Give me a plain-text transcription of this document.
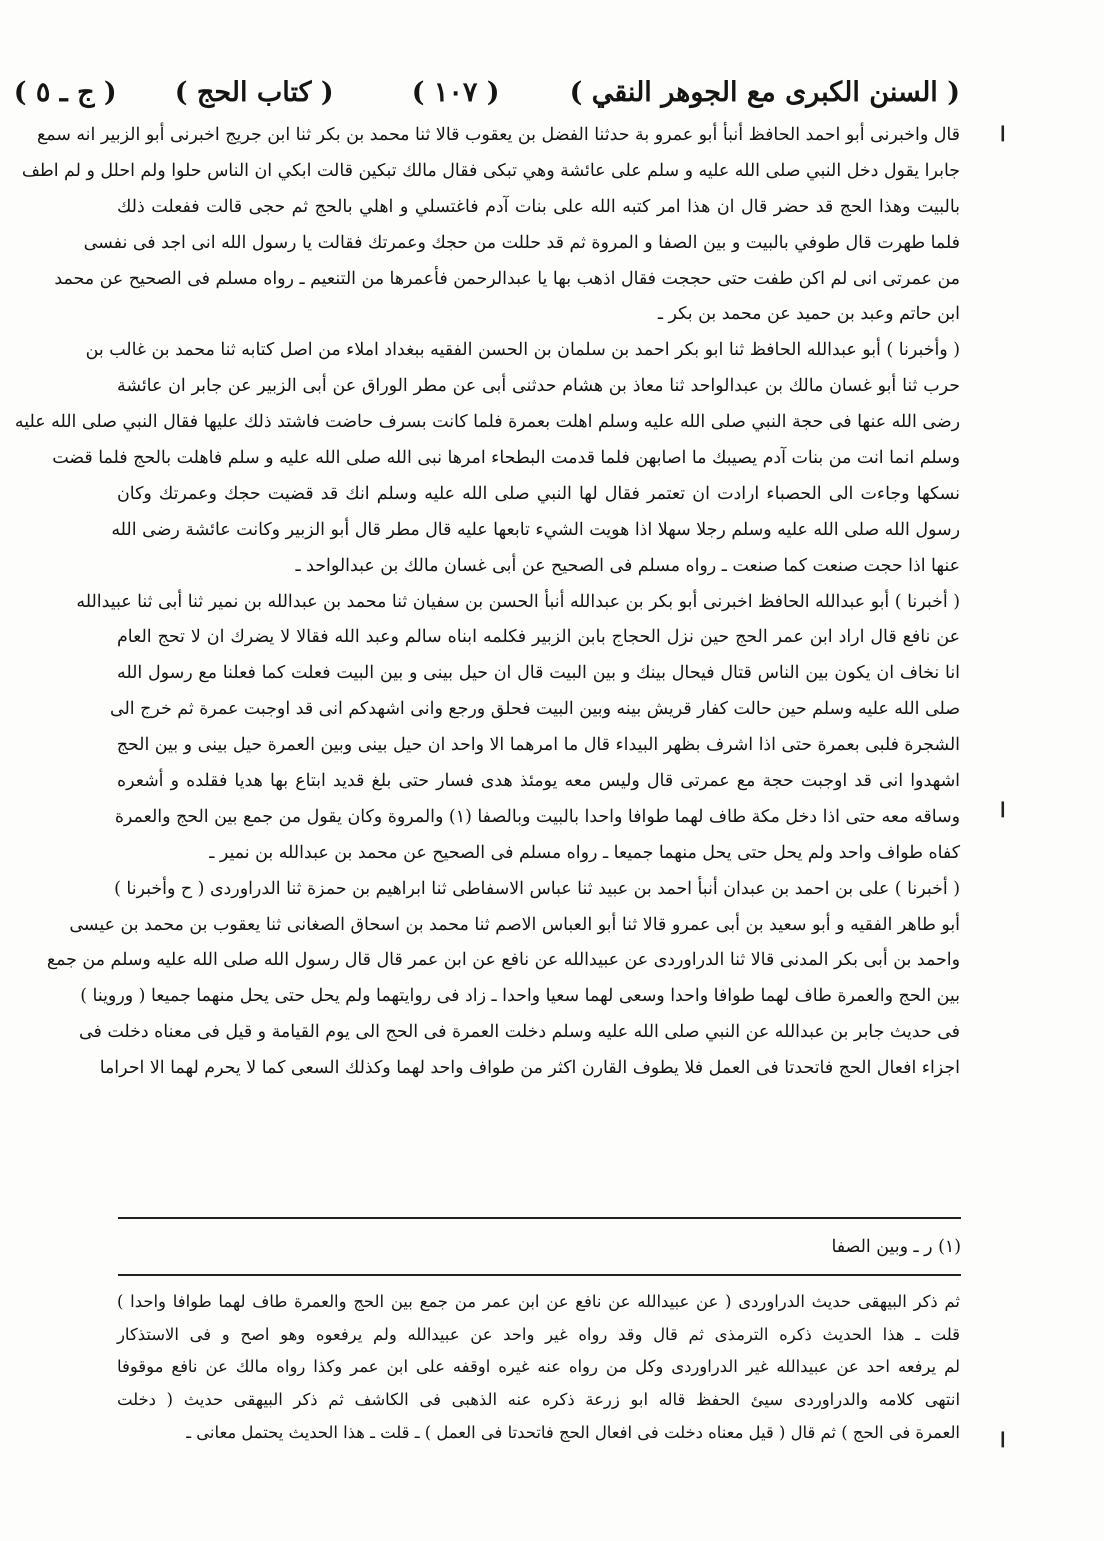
( السنن الكبرى مع الجوهر النقي )
( ١٠٧ )
( كتاب الحج )
( ج ـ ٥ )
ا
ا
ا
قال واخبرنى أبو احمد الحافظ أنبأ أبو عمرو بة حدثنا الفضل بن يعقوب قالا ثنا محمد بن بكر ثنا ابن جريج اخبرنى أبو الزبير انه سمع
جابرا يقول دخل النبي صلى الله عليه و سلم على عائشة وهي تبكى فقال مالك تبكين قالت ابكي ان الناس حلوا ولم احلل و لم اطف
بالبيت وهذا الحج قد حضر قال ان هذا امر كتبه الله على بنات آدم فاغتسلي و اهلي بالحج ثم حجى قالت ففعلت ذلك
فلما طهرت قال طوفي بالبيت و بين الصفا و المروة ثم قد حللت من حجك وعمرتك فقالت يا رسول الله انى اجد فى نفسى
من عمرتى انى لم اكن طفت حتى حججت فقال اذهب بها يا عبدالرحمن فأعمرها من التنعيم ـ رواه مسلم فى الصحيح عن محمد
ابن حاتم وعبد بن حميد عن محمد بن بكر ـ
( وأخبرنا ) أبو عبدالله الحافظ ثنا ابو بكر احمد بن سلمان بن الحسن الفقيه ببغداد املاء من اصل كتابه ثنا محمد بن غالب بن
حرب ثنا أبو غسان مالك بن عبدالواحد ثنا معاذ بن هشام حدثنى أبى عن مطر الوراق عن أبى الزبير عن جابر ان عائشة
رضى الله عنها فى حجة النبي صلى الله عليه وسلم اهلت بعمرة فلما كانت بسرف حاضت فاشتد ذلك عليها فقال النبي صلى الله عليه
وسلم انما انت من بنات آدم يصيبك ما اصابهن فلما قدمت البطحاء امرها نبى الله صلى الله عليه و سلم فاهلت بالحج فلما قضت
نسكها وجاءت الى الحصباء ارادت ان تعتمر فقال لها النبي صلى الله عليه وسلم انك قد قضيت حجك وعمرتك وكان
رسول الله صلى الله عليه وسلم رجلا سهلا اذا هويت الشيء تابعها عليه قال مطر قال أبو الزبير وكانت عائشة رضى الله
عنها اذا حجت صنعت كما صنعت ـ رواه مسلم فى الصحيح عن أبى غسان مالك بن عبدالواحد ـ
( أخبرنا ) أبو عبدالله الحافظ اخبرنى أبو بكر بن عبدالله أنبأ الحسن بن سفيان ثنا محمد بن عبدالله بن نمير ثنا أبى ثنا عبيدالله
عن نافع قال اراد ابن عمر الحج حين نزل الحجاج بابن الزبير فكلمه ابناه سالم وعبد الله فقالا لا يضرك ان لا تحج العام
انا نخاف ان يكون بين الناس قتال فيحال بينك و بين البيت قال ان حيل بينى و بين البيت فعلت كما فعلنا مع رسول الله
صلى الله عليه وسلم حين حالت كفار قريش بينه وبين البيت فحلق ورجع وانى اشهدكم انى قد اوجبت عمرة ثم خرج الى
الشجرة فلبى بعمرة حتى اذا اشرف بظهر البيداء قال ما امرهما الا واحد ان حيل بينى وبين العمرة حيل بينى و بين الحج
اشهدوا انى قد اوجبت حجة مع عمرتى قال وليس معه يومئذ هدى فسار حتى بلغ قديد ابتاع بها هديا فقلده و أشعره
وساقه معه حتى اذا دخل مكة طاف لهما طوافا واحدا بالبيت وبالصفا (١) والمروة وكان يقول من جمع بين الحج والعمرة
كفاه طواف واحد ولم يحل حتى يحل منهما جميعا ـ رواه مسلم فى الصحيح عن محمد بن عبدالله بن نمير ـ
( أخبرنا ) على بن احمد بن عبدان أنبأ احمد بن عبيد ثنا عباس الاسفاطى ثنا ابراهيم بن حمزة ثنا الدراوردى ( ح وأخبرنا )
أبو طاهر الفقيه و أبو سعيد بن أبى عمرو قالا ثنا أبو العباس الاصم ثنا محمد بن اسحاق الصغانى ثنا يعقوب بن محمد بن عيسى
واحمد بن أبى بكر المدنى قالا ثنا الدراوردى عن عبيدالله عن نافع عن ابن عمر قال قال رسول الله صلى الله عليه وسلم من جمع
بين الحج والعمرة طاف لهما طوافا واحدا وسعى لهما سعيا واحدا ـ زاد فى روايتهما ولم يحل حتى يحل منهما جميعا ( وروينا )
فى حديث جابر بن عبدالله عن النبي صلى الله عليه وسلم دخلت العمرة فى الحج الى يوم القيامة و قيل فى معناه دخلت فى
اجزاء افعال الحج فاتحدتا فى العمل فلا يطوف القارن اكثر من طواف واحد لهما وكذلك السعى كما لا يحرم لهما الا احراما
(١) ر ـ وبين الصفا
ثم ذكر البيهقى حديث الدراوردى ( عن عبيدالله عن نافع عن ابن عمر من جمع بين الحج والعمرة طاف لهما طوافا واحدا )
قلت ـ هذا الحديث ذكره الترمذى ثم قال وقد رواه غير واحد عن عبيدالله ولم يرفعوه وهو اصح و فى الاستذكار
لم يرفعه احد عن عبيدالله غير الدراوردى وكل من رواه عنه غيره اوقفه على ابن عمر وكذا رواه مالك عن نافع موقوفا
انتهى كلامه والدراوردى سيئ الحفظ قاله ابو زرعة ذكره عنه الذهبى فى الكاشف ثم ذكر البيهقى حديث ( دخلت
العمرة فى الحج ) ثم قال ( قيل معناه دخلت فى افعال الحج فاتحدتا فى العمل ) ـ قلت ـ هذا الحديث يحتمل معانى ـ
